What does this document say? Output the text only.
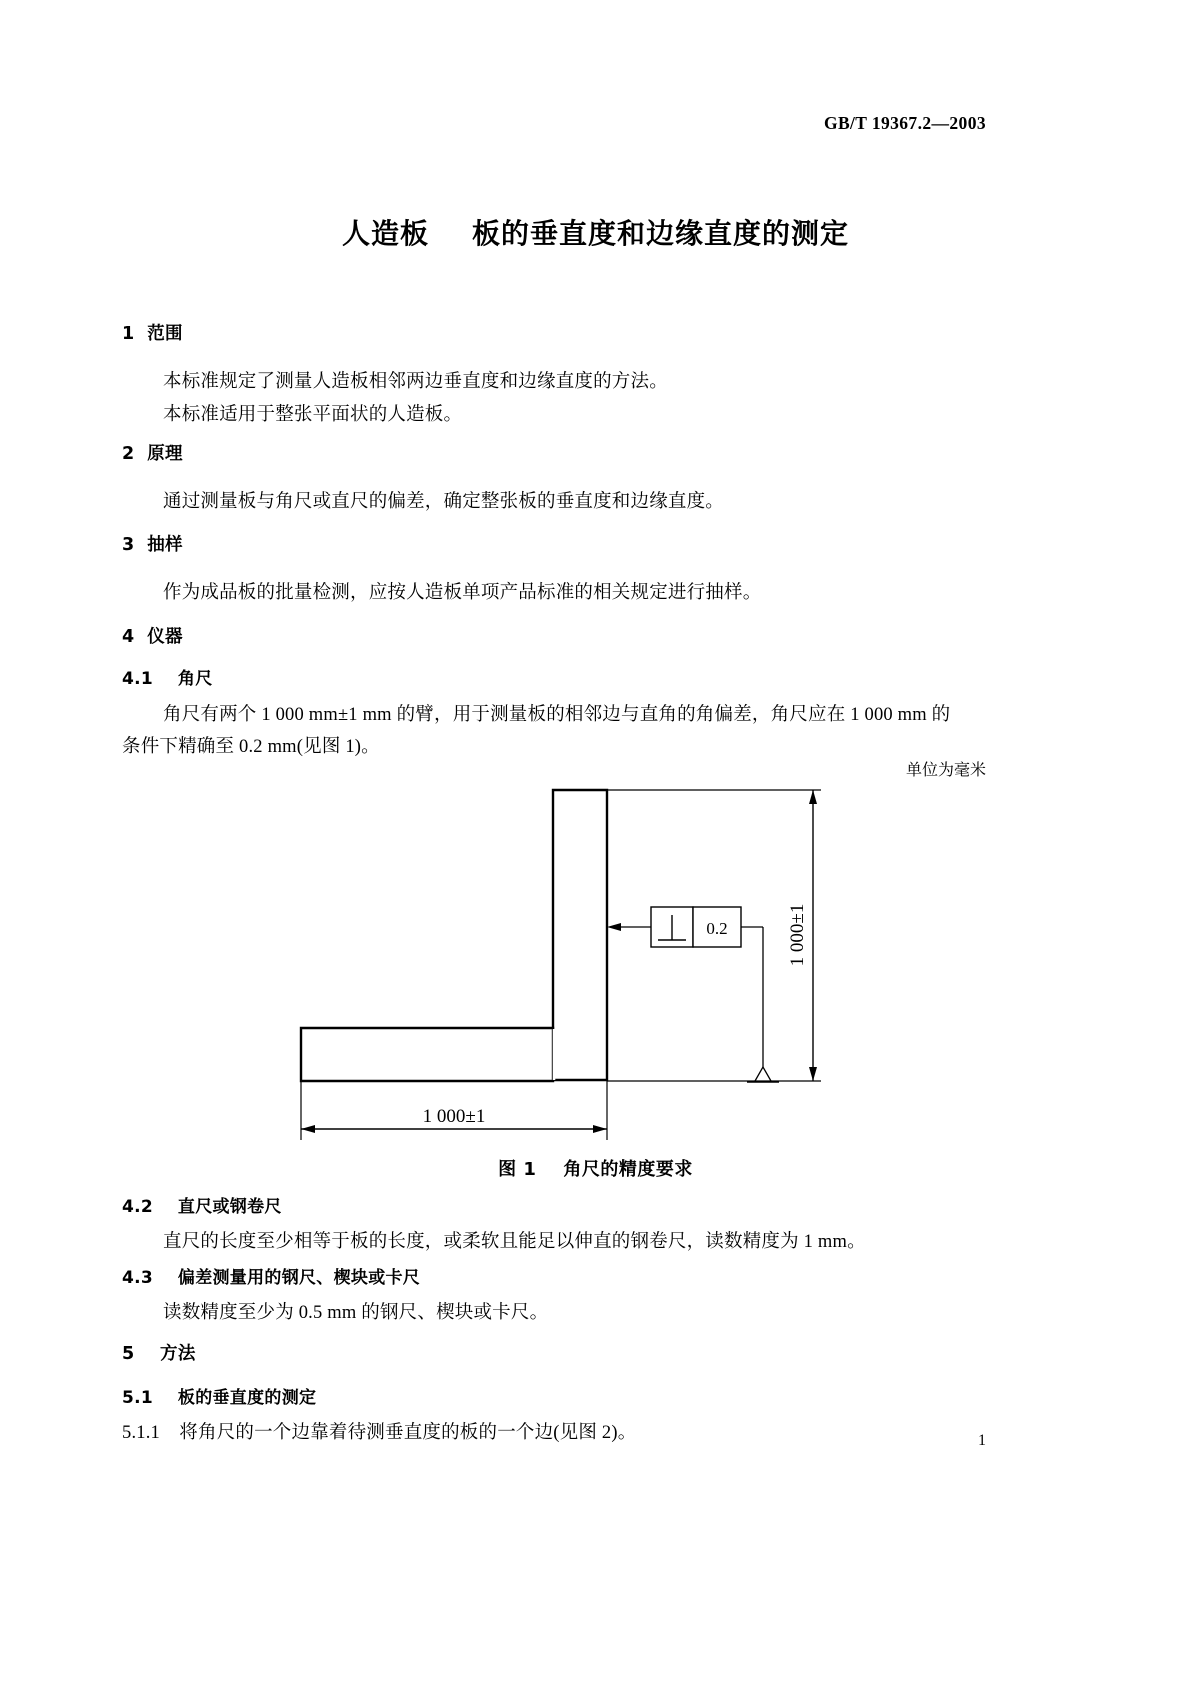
GB/T 19367.2—2003
人造板    板的垂直度和边缘直度的测定
1  范围
本标准规定了测量人造板相邻两边垂直度和边缘直度的方法。
本标准适用于整张平面状的人造板。
2  原理
通过测量板与角尺或直尺的偏差，确定整张板的垂直度和边缘直度。
3  抽样
作为成品板的批量检测，应按人造板单项产品标准的相关规定进行抽样。
4  仪器
4.1    角尺
角尺有两个 1 000 mm±1 mm 的臂，用于测量板的相邻边与直角的角偏差，角尺应在 1 000 mm 的
条件下精确至 0.2 mm(见图 1)。
单位为毫米
1 000±1
0.2
1 000±1
图 1    角尺的精度要求
4.2    直尺或钢卷尺
直尺的长度至少相等于板的长度，或柔软且能足以伸直的钢卷尺，读数精度为 1 mm。
4.3    偏差测量用的钢尺、楔块或卡尺
读数精度至少为 0.5 mm 的钢尺、楔块或卡尺。
5    方法
5.1    板的垂直度的测定
5.1.1    将角尺的一个边靠着待测垂直度的板的一个边(见图 2)。	1
